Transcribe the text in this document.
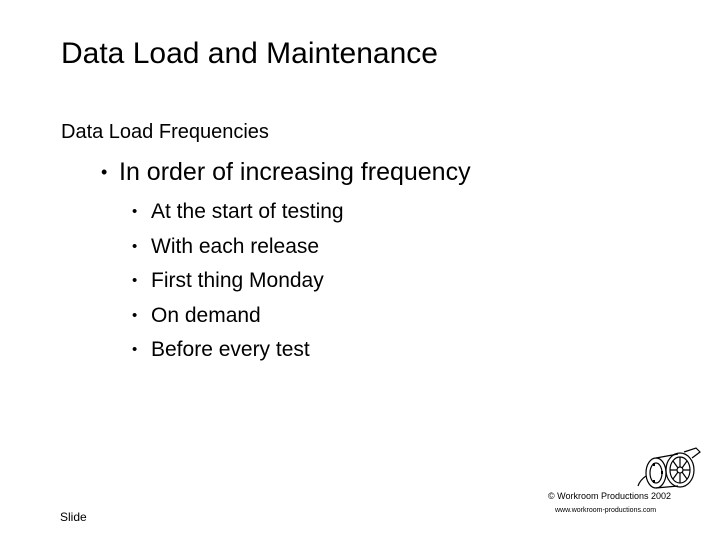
Data Load and Maintenance
Data Load Frequencies
• In order of increasing frequency
• At the start of testing
• With each release
• First thing Monday
• On demand
• Before every test
Slide
© Workroom Productions 2002
www.workroom-productions.com
